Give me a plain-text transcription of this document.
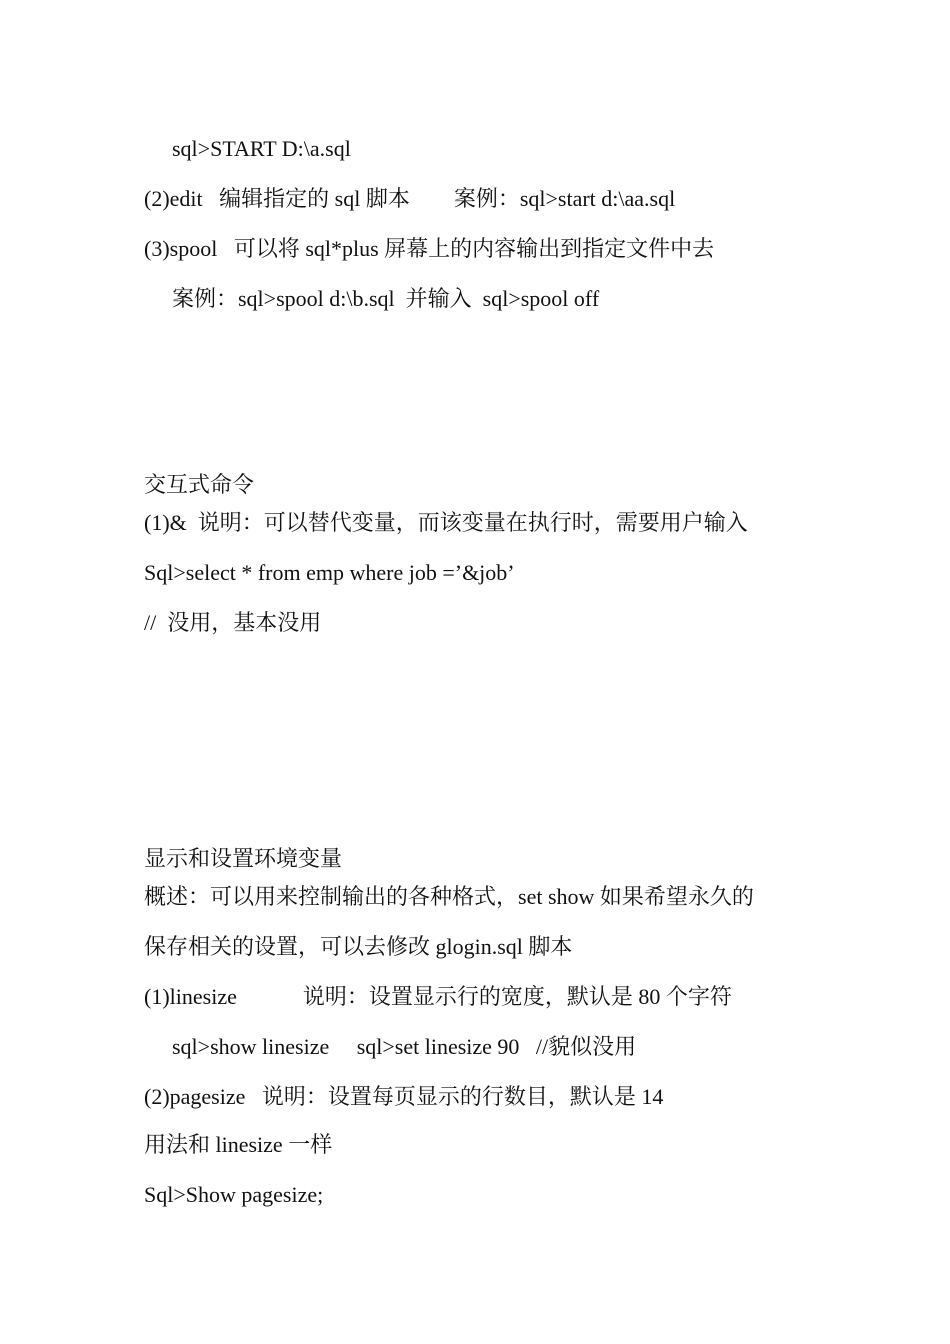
sql>START D:\a.sql
(2)edit   编辑指定的 sql 脚本        案例：sql>start d:\aa.sql
(3)spool   可以将 sql*plus 屏幕上的内容输出到指定文件中去
案例：sql>spool d:\b.sql  并输入  sql>spool off
交互式命令
(1)&  说明：可以替代变量，而该变量在执行时，需要用户输入
Sql>select * from emp where job =’&job’
//  没用，基本没用
显示和设置环境变量
概述：可以用来控制输出的各种格式，set show 如果希望永久的
保存相关的设置，可以去修改 glogin.sql 脚本
(1)linesize            说明：设置显示行的宽度，默认是 80 个字符
sql>show linesize     sql>set linesize 90   //貌似没用
(2)pagesize   说明：设置每页显示的行数目，默认是 14
用法和 linesize 一样
Sql>Show pagesize;
